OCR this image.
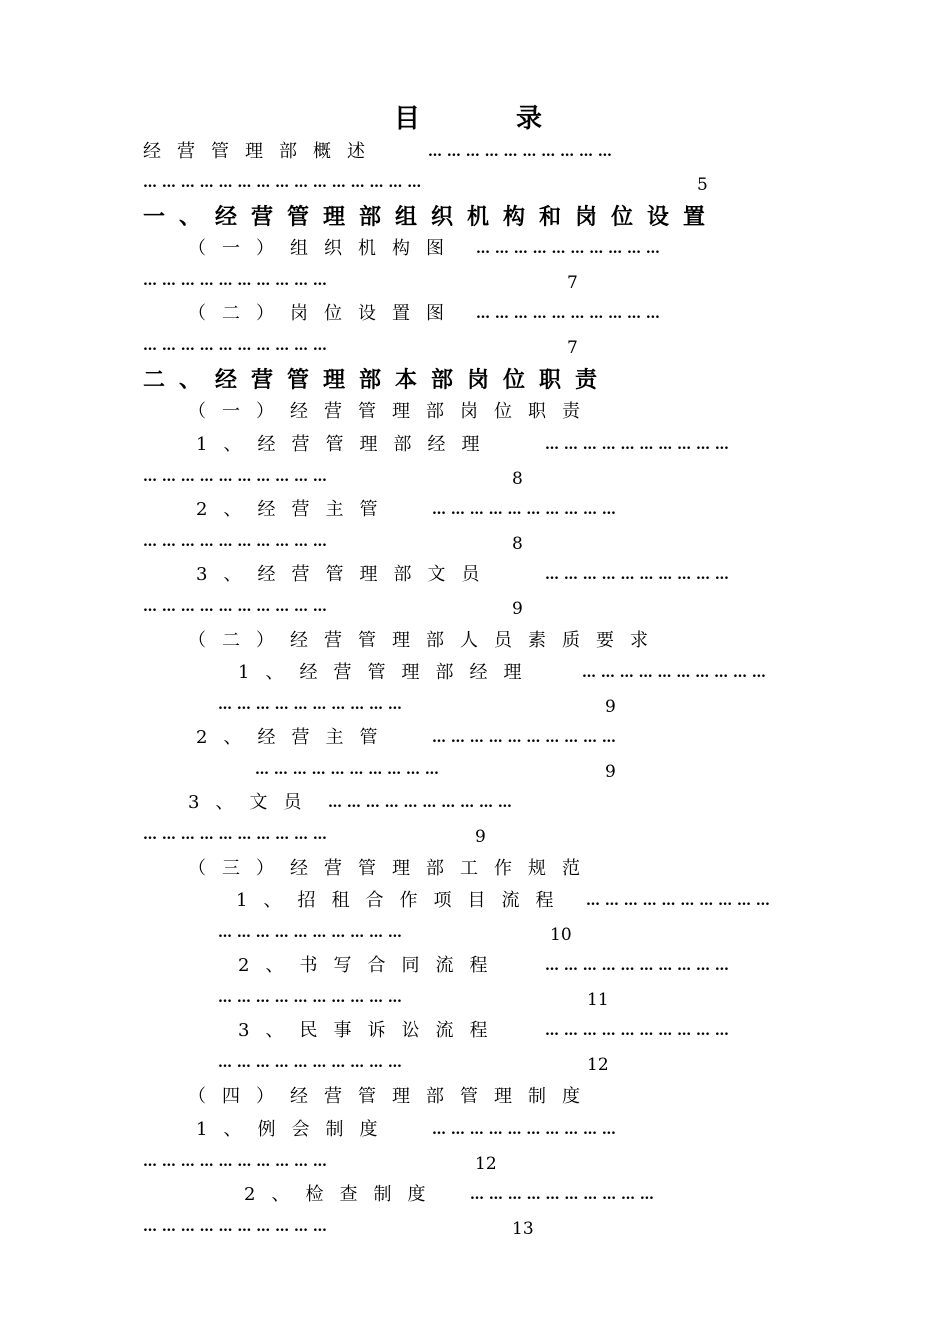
目	录
经营管理部概述	… … … … … … … … … …
… … … … … … … … … … … … … … …	5
一、经营管理部组织机构和岗位设置
（一）组织机构图 … … … … … … … … … …
… … … … … … … … … …	7
（二）岗位设置图 … … … … … … … … … …
… … … … … … … … … …	7
二、经营管理部本部岗位职责
（一）经营管理部岗位职责
1、经营管理部经理	… … … … … … … … … …
… … … … … … … … … …	8
2、经营主管	… … … … … … … … … …
… … … … … … … … … …	8
3、经营管理部文员	… … … … … … … … … …
… … … … … … … … … …	9
（二）经营管理部人员素质要求
1、经营管理部经理	… … … … … … … … … …
… … … … … … … … … …	9
2、经营主管	… … … … … … … … … …
… … … … … … … … … …	9
3、文员 … … … … … … … … … …
… … … … … … … … … …	9
（三）经营管理部工作规范
1、招租合作项目流程 … … … … … … … … … …
… … … … … … … … … …	10
2、书写合同流程	… … … … … … … … … …
… … … … … … … … … …	11
3、民事诉讼流程	… … … … … … … … … …
… … … … … … … … … …	12
（四）经营管理部管理制度
1、例会制度	… … … … … … … … … …
… … … … … … … … … …	12
2、检查制度 … … … … … … … … … …
… … … … … … … … … …	13
